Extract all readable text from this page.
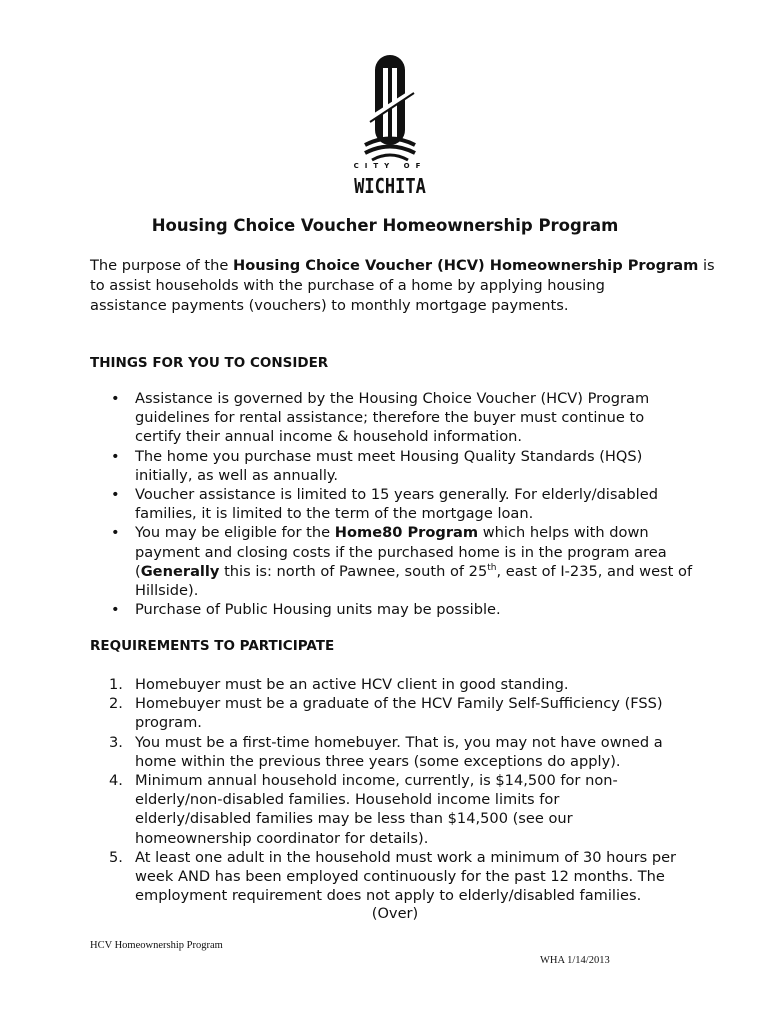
CITY OF
WICHITA
Housing Choice Voucher Homeownership Program
The purpose of the Housing Choice Voucher (HCV) Homeownership Program is
to assist households with the purchase of a home by applying housing
assistance payments (vouchers) to monthly mortgage payments.
THINGS FOR YOU TO CONSIDER
• Assistance is governed by the Housing Choice Voucher (HCV) Program
guidelines for rental assistance; therefore the buyer must continue to
certify their annual income & household information.
• The home you purchase must meet Housing Quality Standards (HQS)
initially, as well as annually.
• Voucher assistance is limited to 15 years generally. For elderly/disabled
families, it is limited to the term of the mortgage loan.
• You may be eligible for the Home80 Program which helps with down
payment and closing costs if the purchased home is in the program area
(Generally this is: north of Pawnee, south of 25th, east of I-235, and west of
Hillside).
• Purchase of Public Housing units may be possible.
REQUIREMENTS TO PARTICIPATE
1. Homebuyer must be an active HCV client in good standing.
2. Homebuyer must be a graduate of the HCV Family Self-Sufficiency (FSS)
program.
3. You must be a first-time homebuyer. That is, you may not have owned a
home within the previous three years (some exceptions do apply).
4. Minimum annual household income, currently, is $14,500 for non-
elderly/non-disabled families. Household income limits for
elderly/disabled families may be less than $14,500 (see our
homeownership coordinator for details).
5. At least one adult in the household must work a minimum of 30 hours per
week AND has been employed continuously for the past 12 months. The
employment requirement does not apply to elderly/disabled families.
(Over)
HCV Homeownership Program
WHA 1/14/2013
